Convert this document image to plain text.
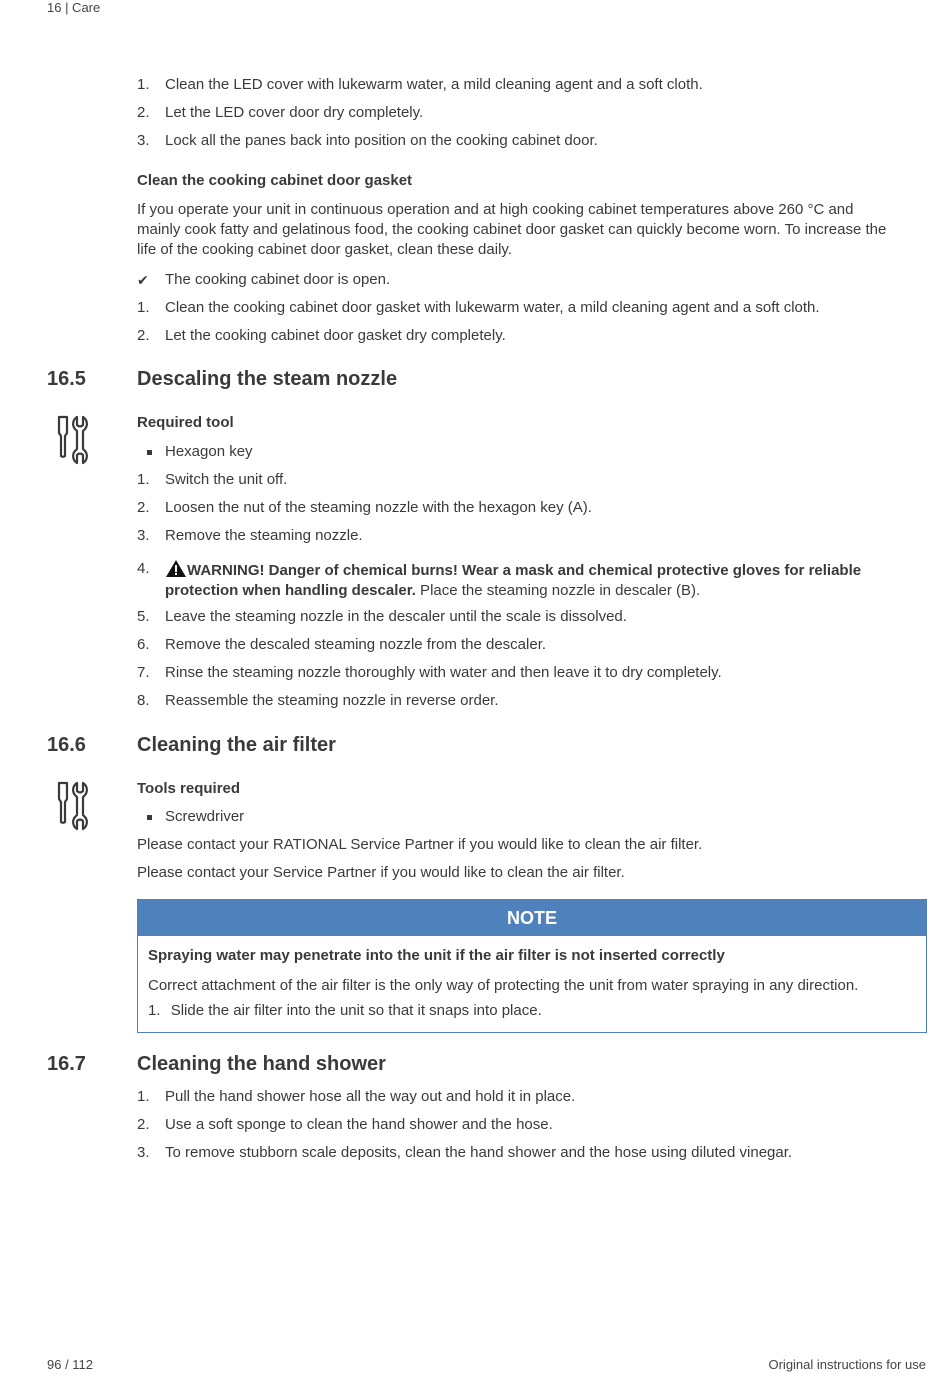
16 | Care
1.	Clean the LED cover with lukewarm water, a mild cleaning agent and a soft cloth.
2.	Let the LED cover door dry completely.
3.	Lock all the panes back into position on the cooking cabinet door.
Clean the cooking cabinet door gasket
If you operate your unit in continuous operation and at high cooking cabinet temperatures above 260 °C and
mainly cook fatty and gelatinous food, the cooking cabinet door gasket can quickly become worn. To increase the
life of the cooking cabinet door gasket, clean these daily.
✔ The cooking cabinet door is open.
1.	Clean the cooking cabinet door gasket with lukewarm water, a mild cleaning agent and a soft cloth.
2.	Let the cooking cabinet door gasket dry completely.
16.5	Descaling the steam nozzle
Required tool
Hexagon key
1.	Switch the unit off.
2.	Loosen the nut of the steaming nozzle with the hexagon key (A).
3.	Remove the steaming nozzle.
4.	WARNING! Danger of chemical burns! Wear a mask and chemical protective gloves for reliable
protection when handling descaler. Place the steaming nozzle in descaler (B).
5.	Leave the steaming nozzle in the descaler until the scale is dissolved.
6.	Remove the descaled steaming nozzle from the descaler.
7.	Rinse the steaming nozzle thoroughly with water and then leave it to dry completely.
8.	Reassemble the steaming nozzle in reverse order.
16.6	Cleaning the air filter
Tools required
Screwdriver
Please contact your RATIONAL Service Partner if you would like to clean the air filter.
Please contact your Service Partner if you would like to clean the air filter.
NOTE
Spraying water may penetrate into the unit if the air filter is not inserted correctly
Correct attachment of the air filter is the only way of protecting the unit from water spraying in any direction.
1. Slide the air filter into the unit so that it snaps into place.
16.7	Cleaning the hand shower
1.	Pull the hand shower hose all the way out and hold it in place.
2.	Use a soft sponge to clean the hand shower and the hose.
3.	To remove stubborn scale deposits, clean the hand shower and the hose using diluted vinegar.
96 / 112	Original instructions for use
